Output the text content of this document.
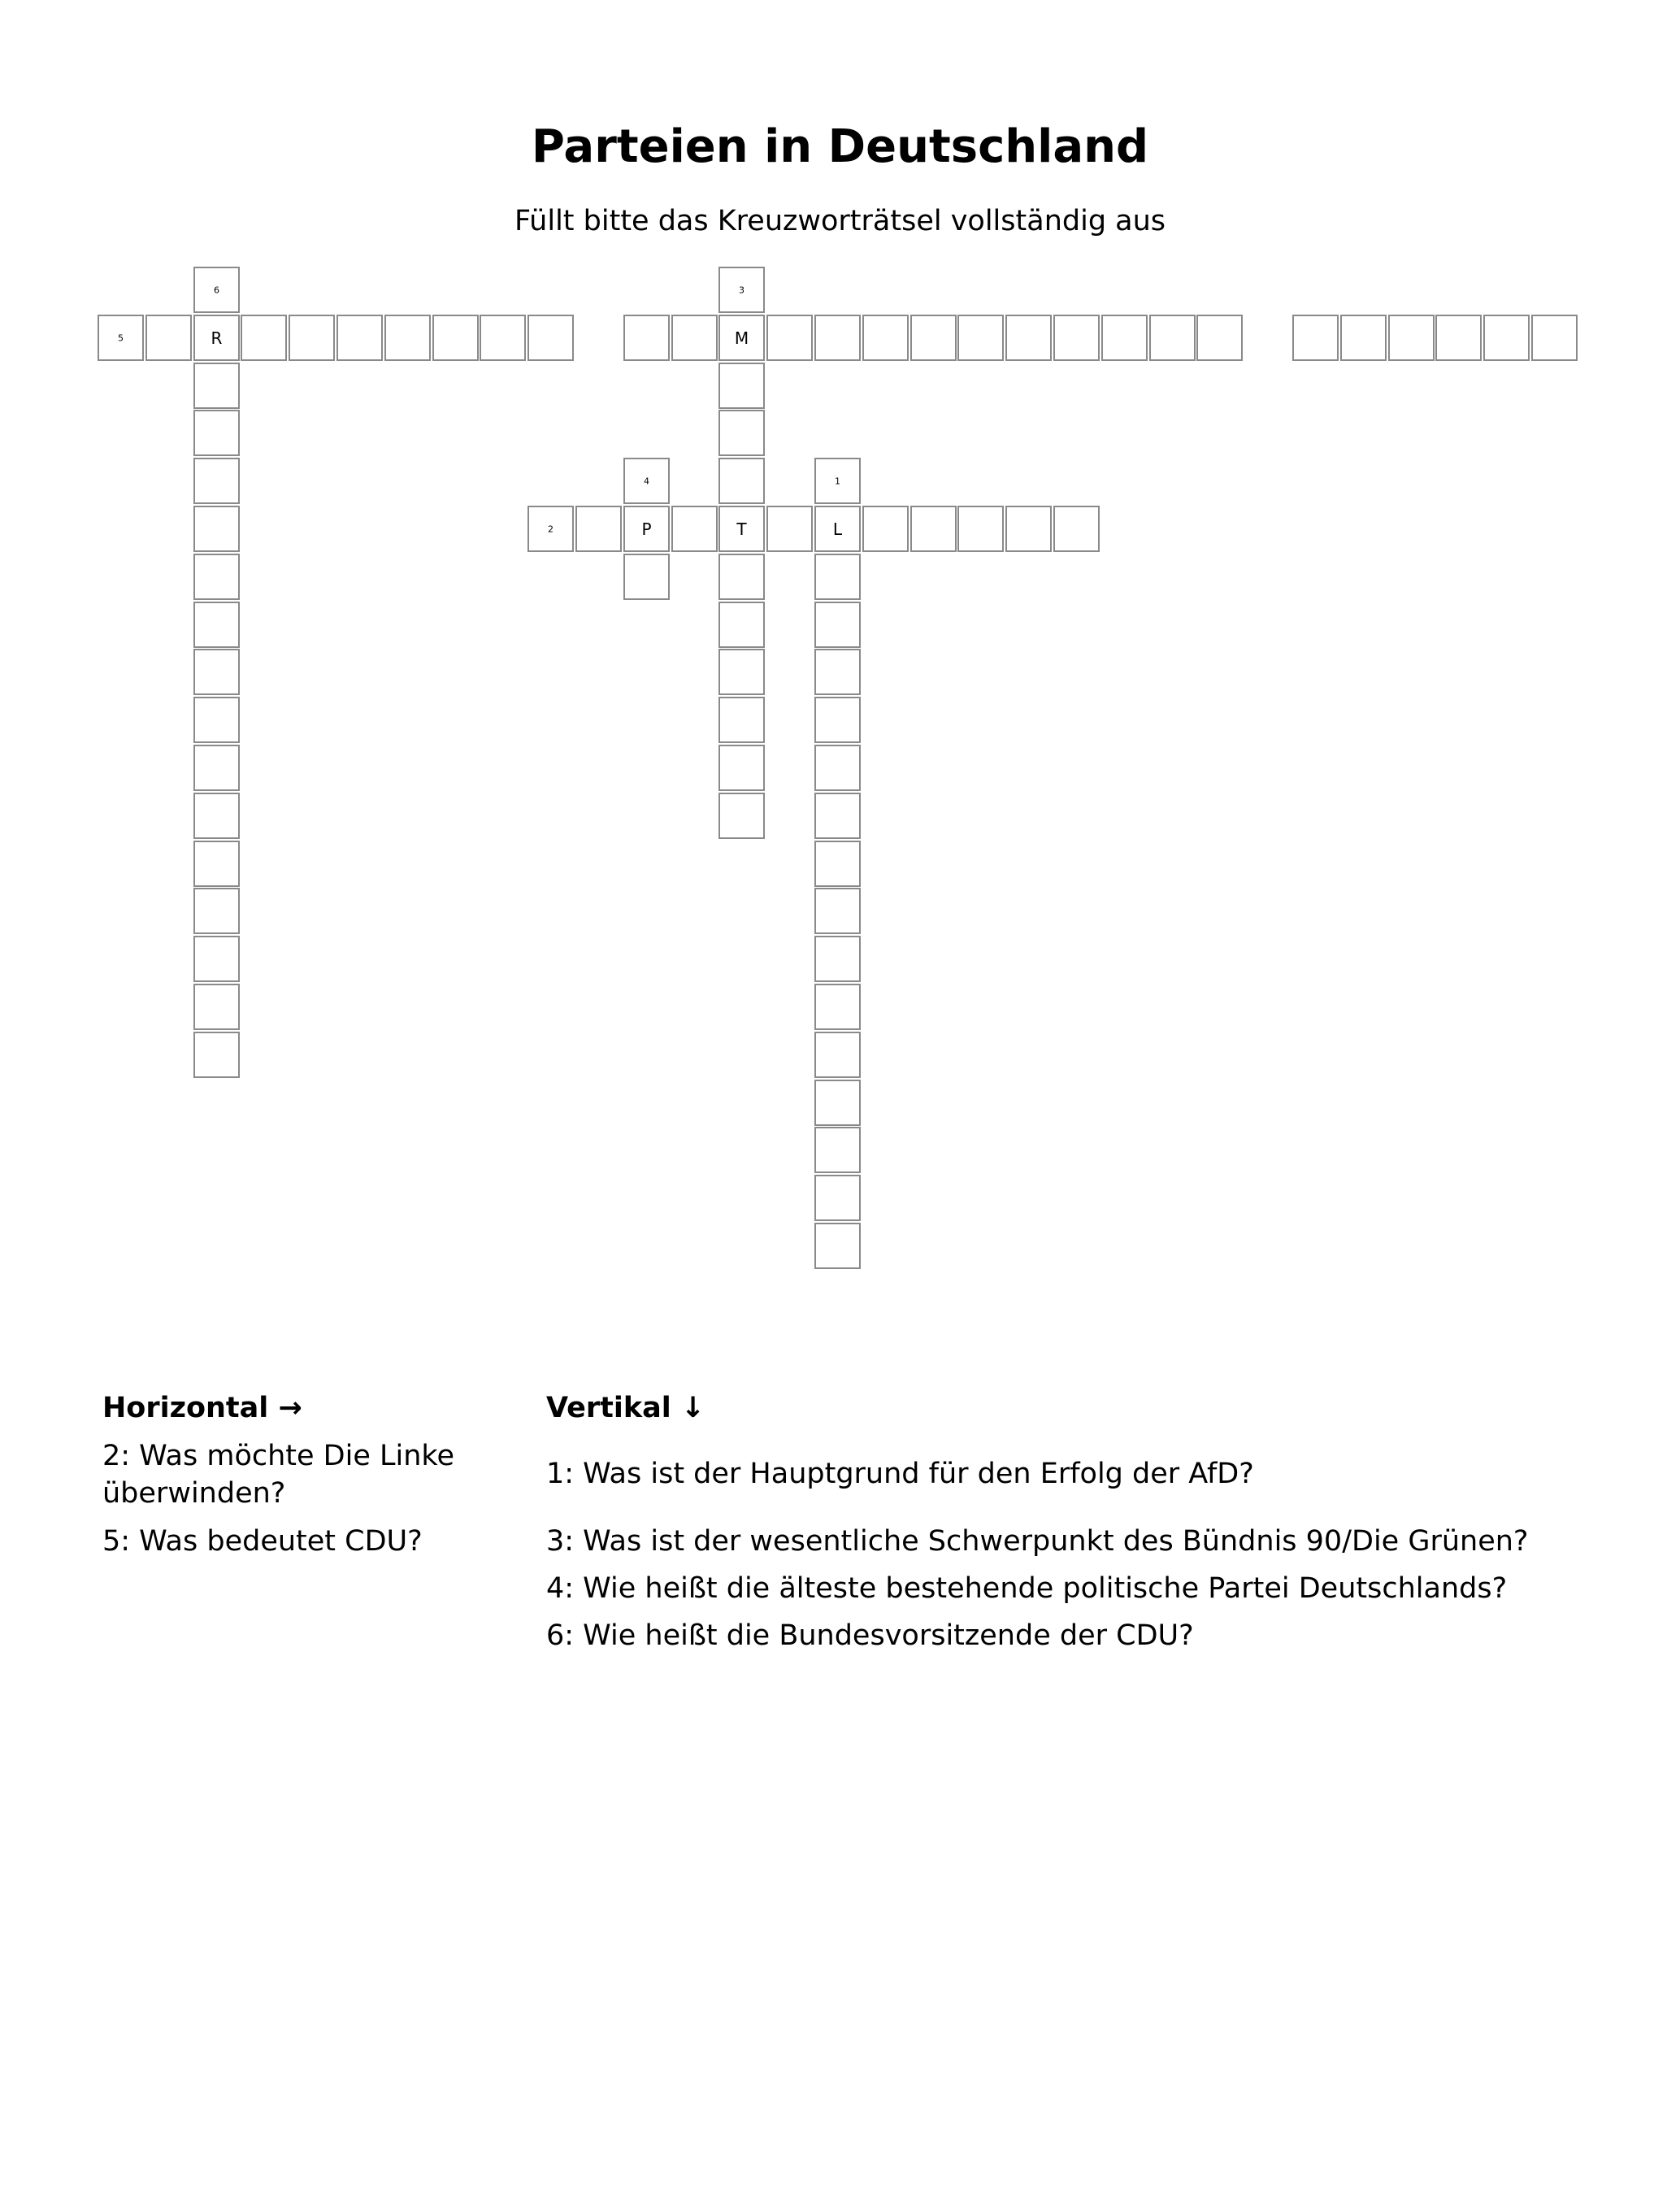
Parteien in Deutschland
Füllt bitte das Kreuzworträtsel vollständig aus
6	3
5	R	M
4	1
2	P	T	L
Horizontal →	Vertikal ↓
2: Was möchte Die Linke überwinden?
5: Was bedeutet CDU?
1: Was ist der Hauptgrund für den Erfolg der AfD?
3: Was ist der wesentliche Schwerpunkt des Bündnis 90/Die Grünen?
4: Wie heißt die älteste bestehende politische Partei Deutschlands?
6: Wie heißt die Bundesvorsitzende der CDU?
